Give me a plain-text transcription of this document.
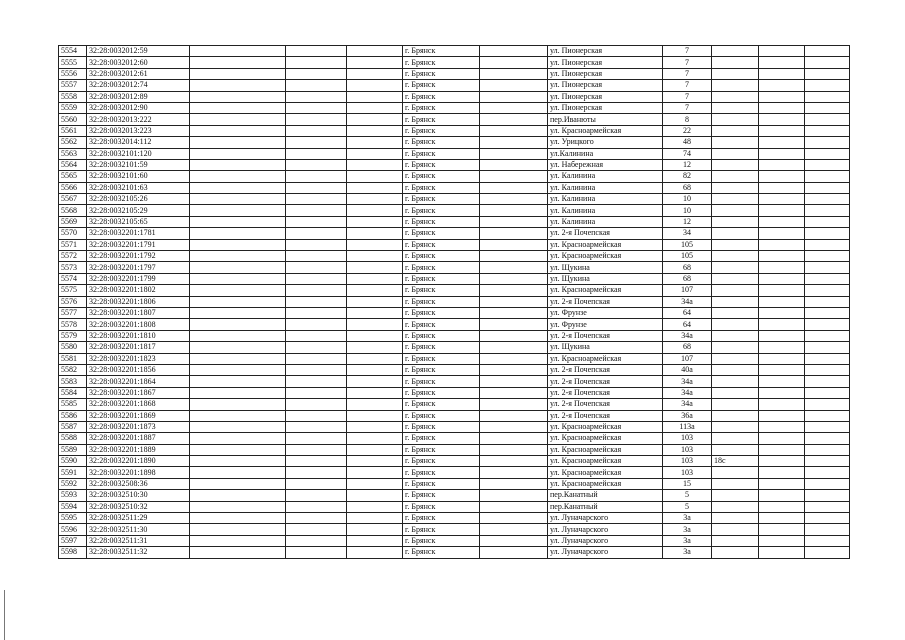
5554	32:28:0032012:59				г. Брянск		ул. Пионерская	7			
5555	32:28:0032012:60				г. Брянск		ул. Пионерская	7			
5556	32:28:0032012:61				г. Брянск		ул. Пионерская	7			
5557	32:28:0032012:74				г. Брянск		ул. Пионерская	7			
5558	32:28:0032012:89				г. Брянск		ул. Пионерская	7			
5559	32:28:0032012:90				г. Брянск		ул. Пионерская	7			
5560	32:28:0032013:222				г. Брянск		пер.Иванюты	8			
5561	32:28:0032013:223				г. Брянск		ул. Красноармейская	22			
5562	32:28:0032014:112				г. Брянск		ул. Урицкого	48			
5563	32:28:0032101:120				г. Брянск		ул.Калинина	74			
5564	32:28:0032101:59				г. Брянск		ул. Набережная	12			
5565	32:28:0032101:60				г. Брянск		ул. Калинина	82			
5566	32:28:0032101:63				г. Брянск		ул. Калинина	68			
5567	32:28:0032105:26				г. Брянск		ул. Калинина	10			
5568	32:28:0032105:29				г. Брянск		ул. Калинина	10			
5569	32:28:0032105:65				г. Брянск		ул. Калинина	12			
5570	32:28:0032201:1781				г. Брянск		ул. 2-я Почепская	34			
5571	32:28:0032201:1791				г. Брянск		ул. Красноармейская	105			
5572	32:28:0032201:1792				г. Брянск		ул. Красноармейская	105			
5573	32:28:0032201:1797				г. Брянск		ул. Щукина	68			
5574	32:28:0032201:1799				г. Брянск		ул. Щукина	68			
5575	32:28:0032201:1802				г. Брянск		ул. Красноармейская	107			
5576	32:28:0032201:1806				г. Брянск		ул. 2-я Почепская	34а			
5577	32:28:0032201:1807				г. Брянск		ул. Фрунзе	64			
5578	32:28:0032201:1808				г. Брянск		ул. Фрунзе	64			
5579	32:28:0032201:1810				г. Брянск		ул. 2-я Почепская	34а			
5580	32:28:0032201:1817				г. Брянск		ул. Щукина	68			
5581	32:28:0032201:1823				г. Брянск		ул. Красноармейская	107			
5582	32:28:0032201:1856				г. Брянск		ул. 2-я Почепская	40а			
5583	32:28:0032201:1864				г. Брянск		ул. 2-я Почепская	34а			
5584	32:28:0032201:1867				г. Брянск		ул. 2-я Почепская	34а			
5585	32:28:0032201:1868				г. Брянск		ул. 2-я Почепская	34а			
5586	32:28:0032201:1869				г. Брянск		ул. 2-я Почепская	36а			
5587	32:28:0032201:1873				г. Брянск		ул. Красноармейская	113а			
5588	32:28:0032201:1887				г. Брянск		ул. Красноармейская	103			
5589	32:28:0032201:1889				г. Брянск		ул. Красноармейская	103			
5590	32:28:0032201:1890				г. Брянск		ул. Красноармейская	103	18с		
5591	32:28:0032201:1898				г. Брянск		ул. Красноармейская	103			
5592	32:28:0032508:36				г. Брянск		ул. Красноармейская	15			
5593	32:28:0032510:30				г. Брянск		пер.Канатный	5			
5594	32:28:0032510:32				г. Брянск		пер.Канатный	5			
5595	32:28:0032511:29				г. Брянск		ул. Луначарского	3а			
5596	32:28:0032511:30				г. Брянск		ул. Луначарского	3а			
5597	32:28:0032511:31				г. Брянск		ул. Луначарского	3а			
5598	32:28:0032511:32				г. Брянск		ул. Луначарского	3а			
